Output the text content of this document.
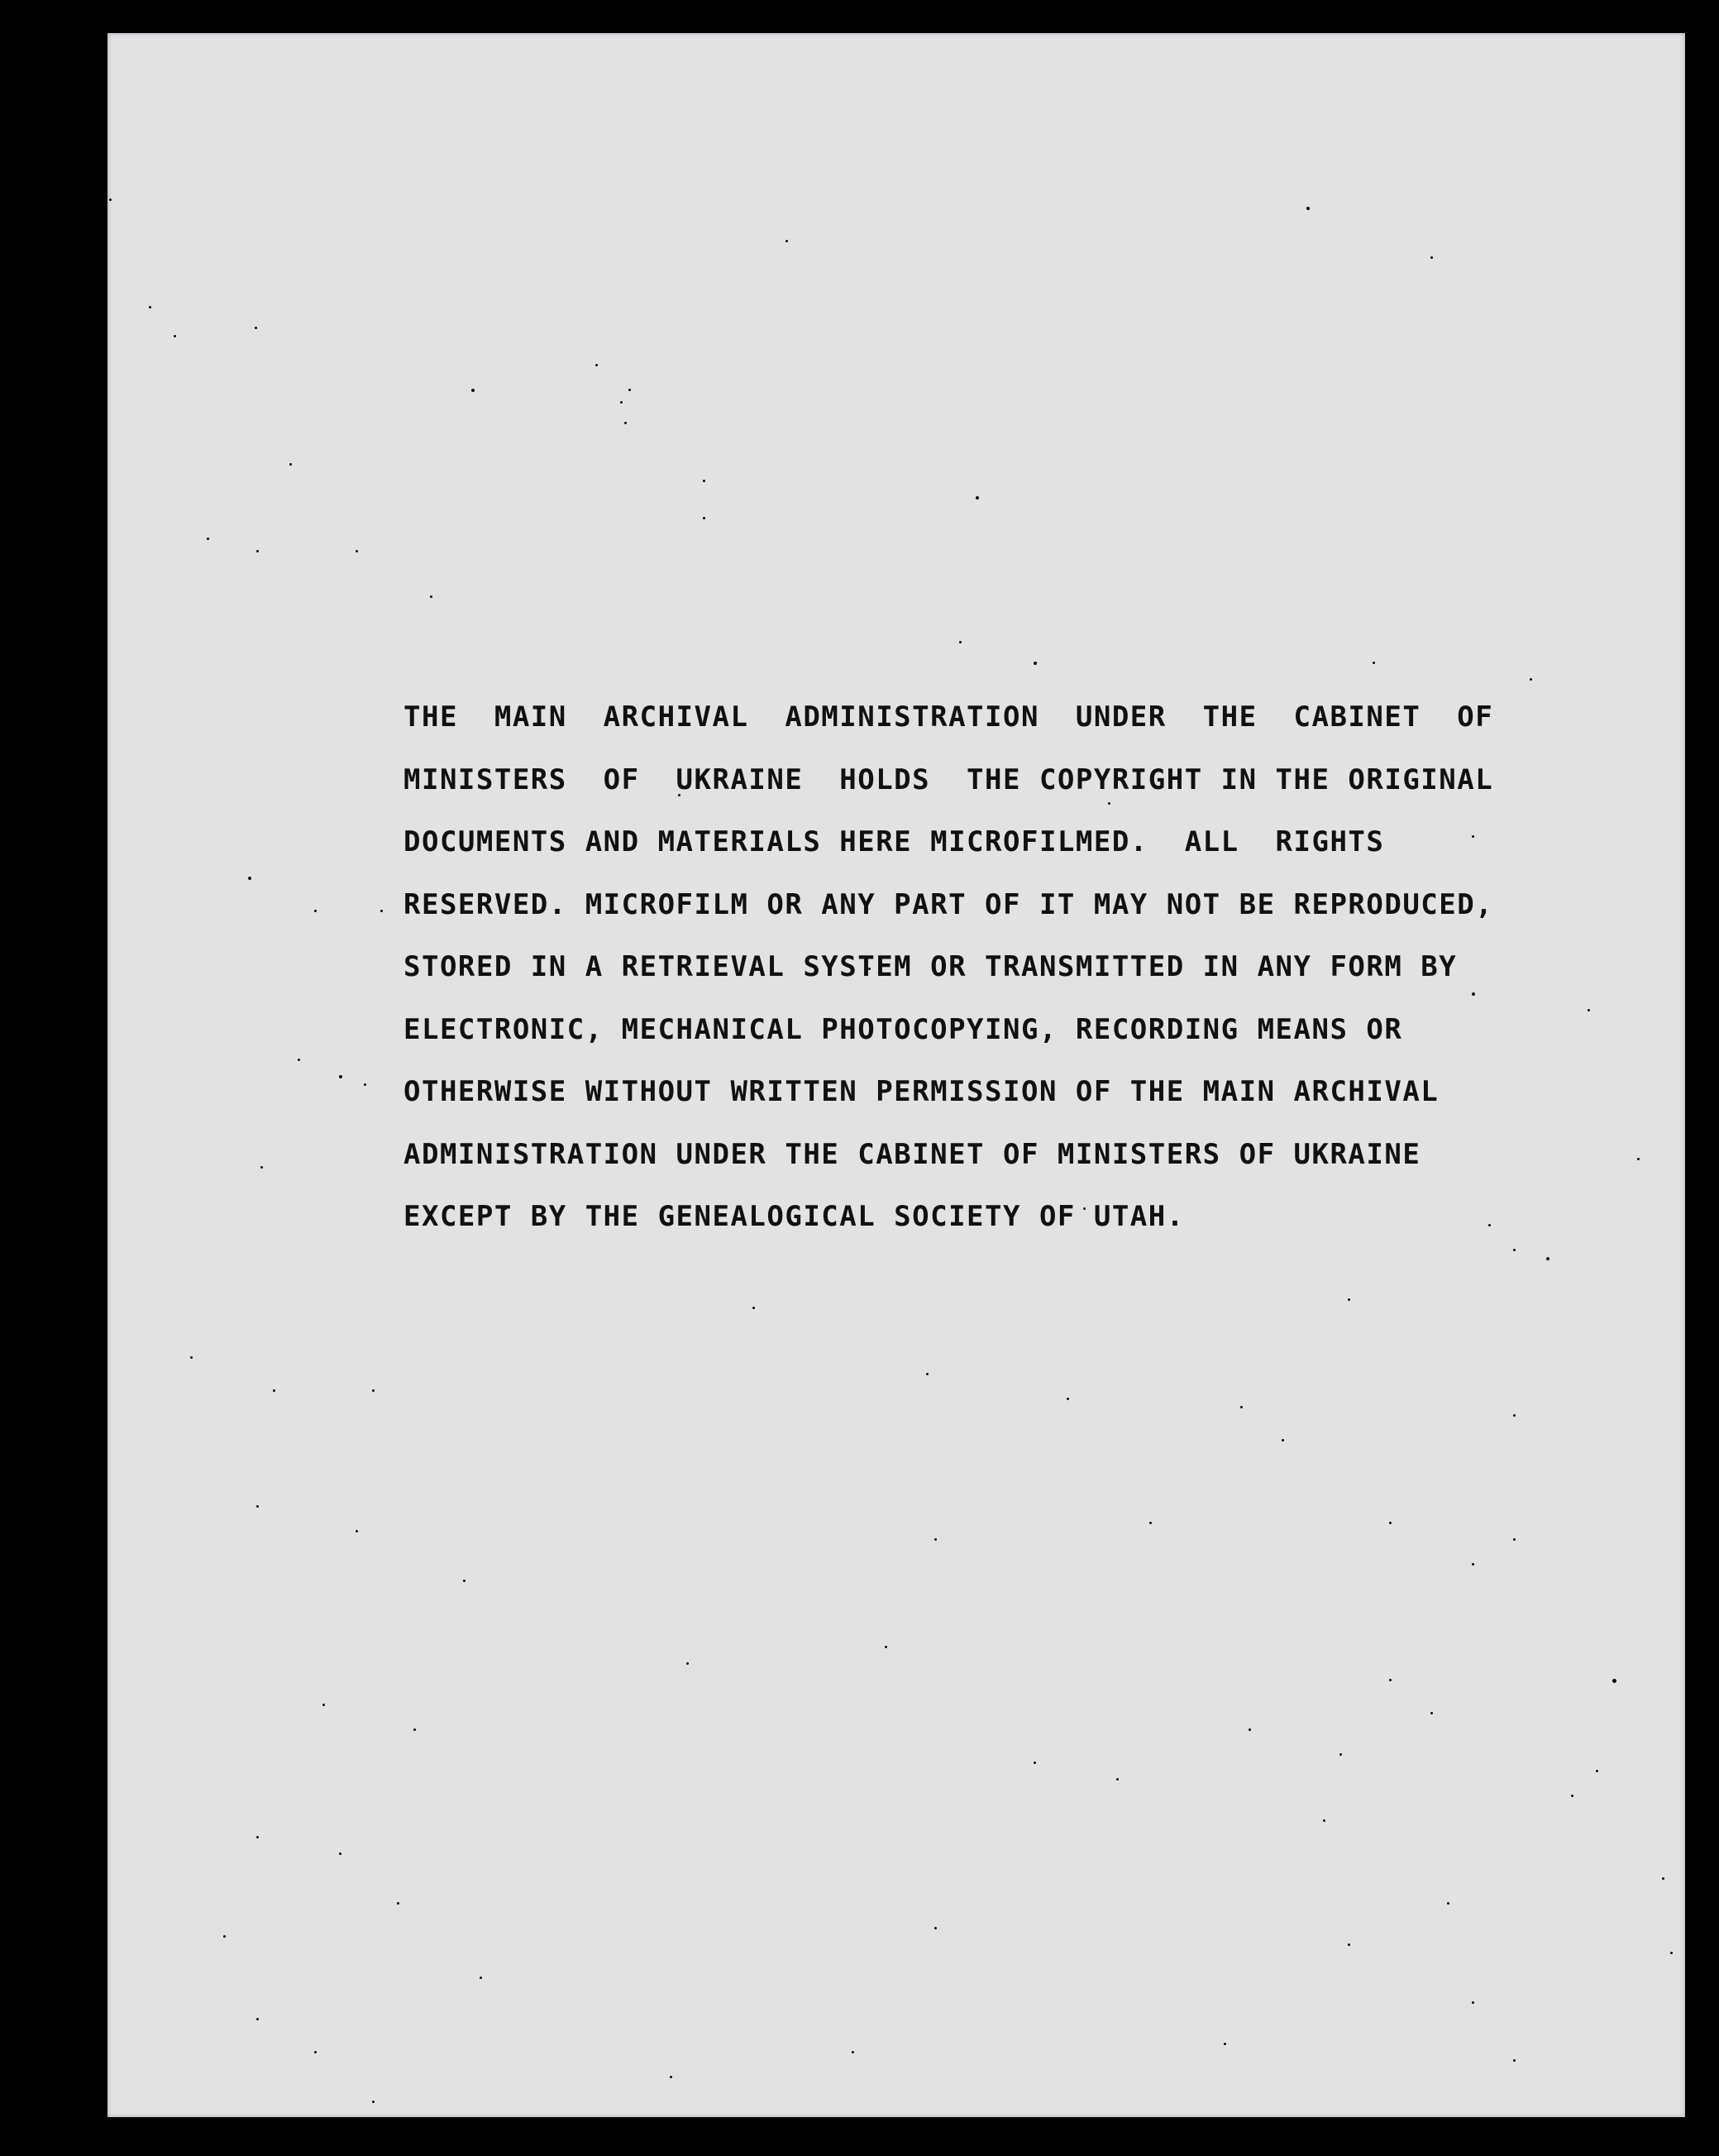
THE  MAIN  ARCHIVAL  ADMINISTRATION  UNDER  THE  CABINET  OF
MINISTERS  OF  UKRAINE  HOLDS  THE COPYRIGHT IN THE ORIGINAL
DOCUMENTS AND MATERIALS HERE MICROFILMED.  ALL  RIGHTS
RESERVED. MICROFILM OR ANY PART OF IT MAY NOT BE REPRODUCED,
STORED IN A RETRIEVAL SYSTEM OR TRANSMITTED IN ANY FORM BY
ELECTRONIC, MECHANICAL PHOTOCOPYING, RECORDING MEANS OR
OTHERWISE WITHOUT WRITTEN PERMISSION OF THE MAIN ARCHIVAL
ADMINISTRATION UNDER THE CABINET OF MINISTERS OF UKRAINE
EXCEPT BY THE GENEALOGICAL SOCIETY OF UTAH.
